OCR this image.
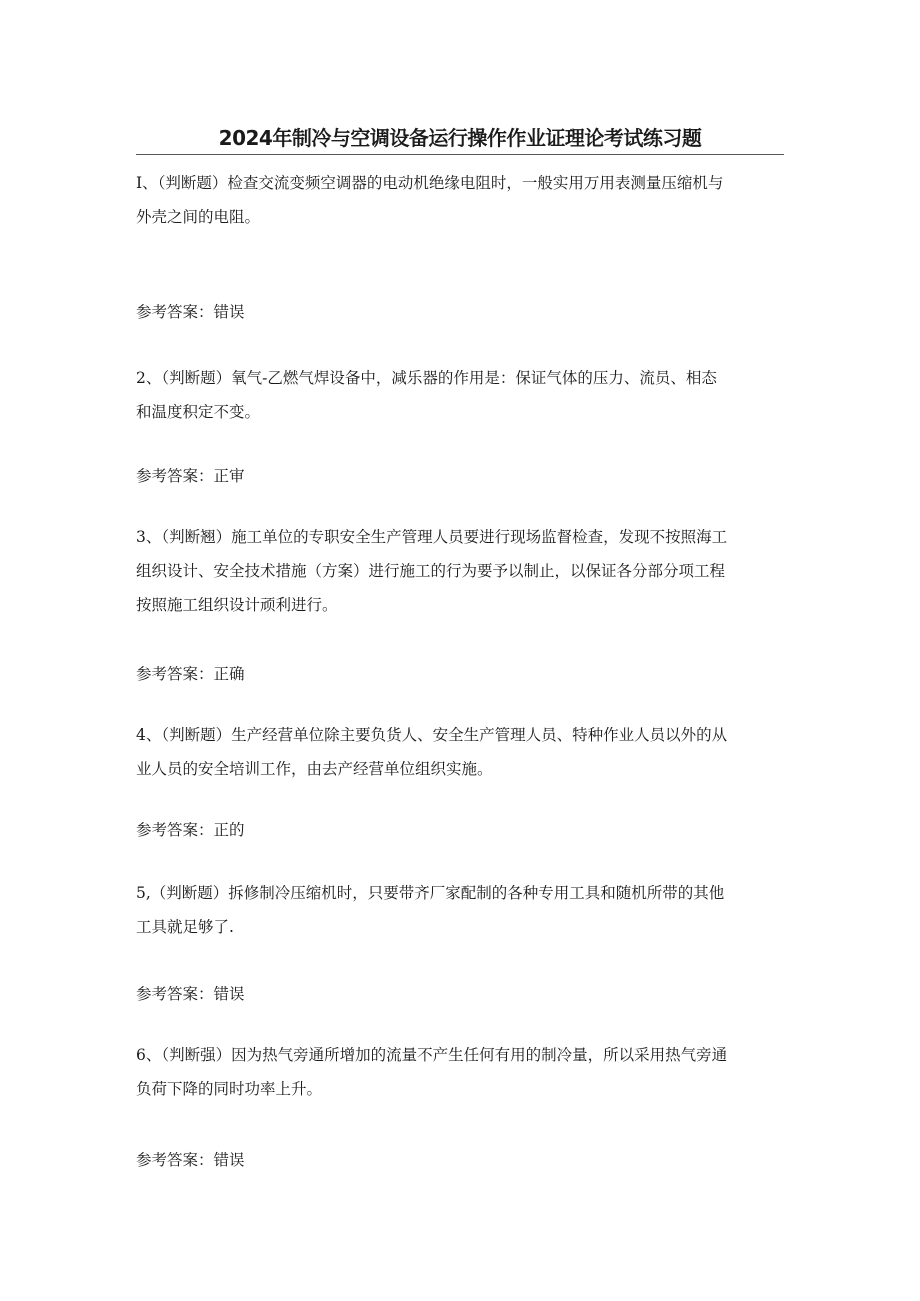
2024年制冷与空调设备运行操作作业证理论考试练习题
I、（判断题）检查交流变频空调器的电动机绝缘电阻时，一般实用万用表测量压缩机与
外壳之间的电阻。
参考答案：错误
2、（判断题）氧气-乙燃气焊设备中，减乐器的作用是：保证气体的压力、流员、相态
和温度积定不变。
参考答案：正审
3、（判断翘）施工单位的专职安全生产管理人员要进行现场监督检查，发现不按照海工
组织设计、安全技术措施（方案）进行施工的行为要予以制止，以保证各分部分项工程
按照施工组织设计顽利进行。
参考答案：正确
4、（判断题）生产经营单位除主要负货人、安全生产管理人员、特种作业人员以外的从
业人员的安全培训工作，由去产经营单位组织实施。
参考答案：正的
5,（判断题）拆修制冷压缩机时，只要带齐厂家配制的各种专用工具和随机所带的其他
工具就足够了.
参考答案：错误
6、（判断强）因为热气旁通所增加的流量不产生任何有用的制冷量，所以采用热气旁通
负荷下降的同时功率上升。
参考答案：错误
